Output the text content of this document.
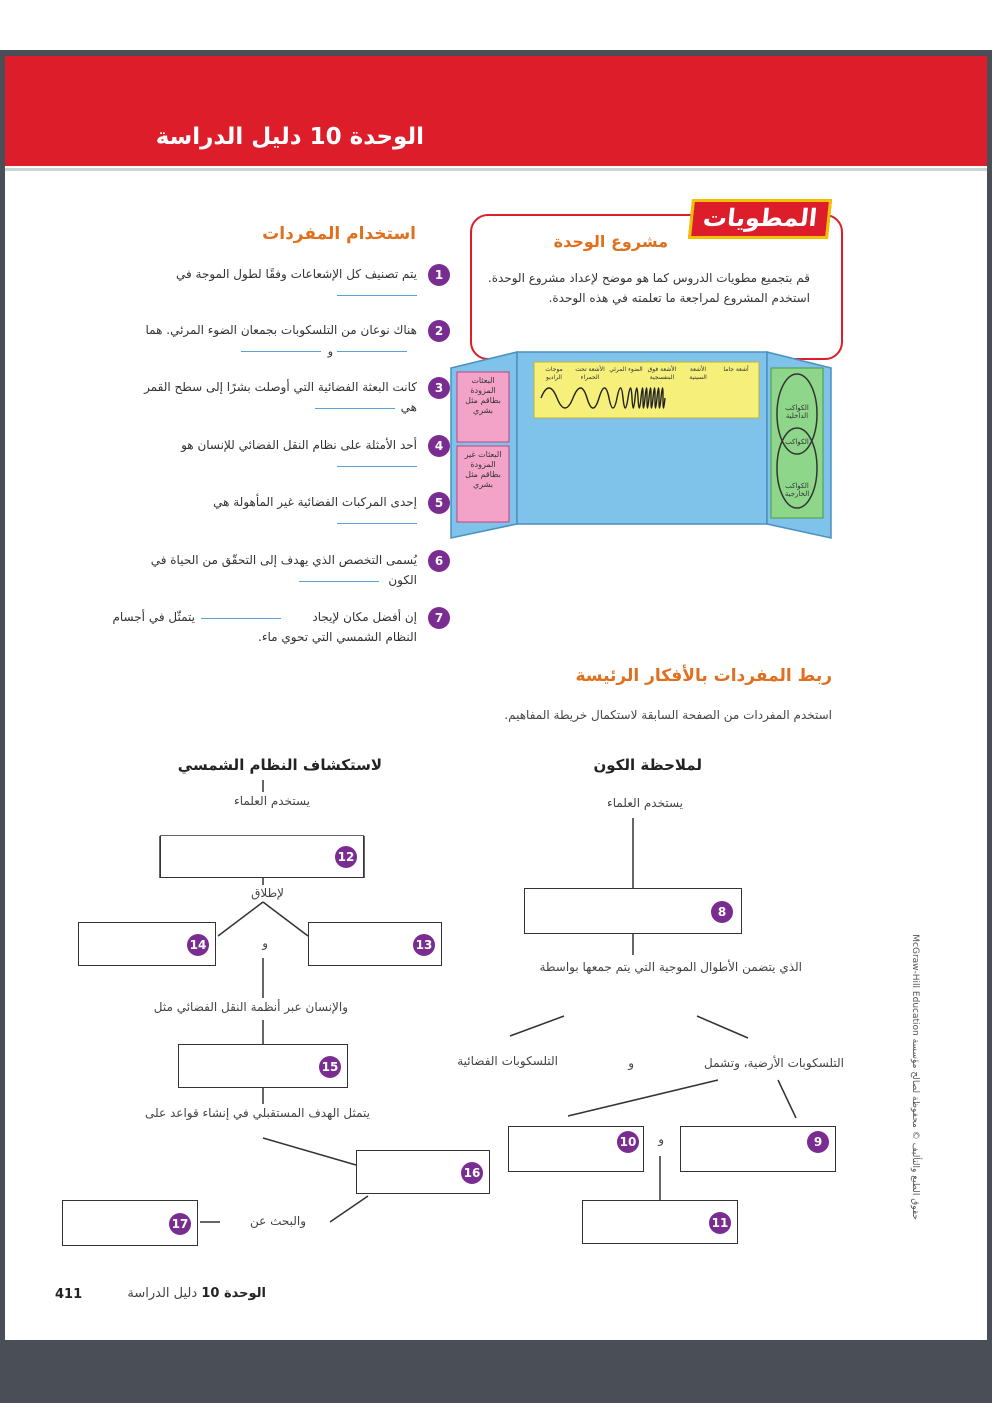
الوحدة 10 دليل الدراسة
استخدام المفردات
1
يتم تصنيف كل الإشعاعات وفقًا لطول الموجة في
2
هناك نوعان من التلسكوبات بجمعان الضوء المرئي. هما
و
3
كانت البعثة الفضائية التي أوصلت بشرًا إلى سطح القمر
هي
4
أحد الأمثلة على نظام النقل الفضائي للإنسان هو
5
إحدى المركبات الفضائية غير المأهولة هي
6
يُسمى التخصص الذي يهدف إلى التحقّق من الحياة في
الكون
7
إن أفضل مكان لإيجاد
يتمثّل في أجسام
النظام الشمسي التي تحوي ماء.
المطويات
مشروع الوحدة
قم بتجميع مطويات الدروس كما هو موضح لإعداد مشروع الوحدة. استخدم المشروع لمراجعة ما تعلمته في هذه الوحدة.
البعثات المزودة بطاقم مثل بشري
البعثات غير المزودة بطاقم مثل بشري
موجات الراديو
الأشعة تحت الحمراء
الضوء المرئي الأشعة فوق البنفسجية
الأشعة السينية
أشعة جاما
الكواكب الداخلية
الكواكب
الكواكب الخارجية
ربط المفردات بالأفكار الرئيسة
استخدم المفردات من الصفحة السابقة لاستكمال خريطة المفاهيم.
لاستكشاف النظام الشمسي	لملاحظة الكون
يستخدم العلماء	يستخدم العلماء
12
لإطلاق
14	و	13
والإنسان عبر أنظمة النقل الفضائي مثل
15
يتمثل الهدف المستقبلي في إنشاء قواعد على
16
17	والبحث عن
8
الذي يتضمن الأطوال الموجية التي يتم جمعها بواسطة
التلسكوبات الفضائية	و	التلسكوبات الأرضية، وتشمل
10 و	9
11
حقوق الطبع والتأليف © محفوظة لصالح مؤسسة McGraw-Hill Education
411	الوحدة 10 دليل الدراسة
